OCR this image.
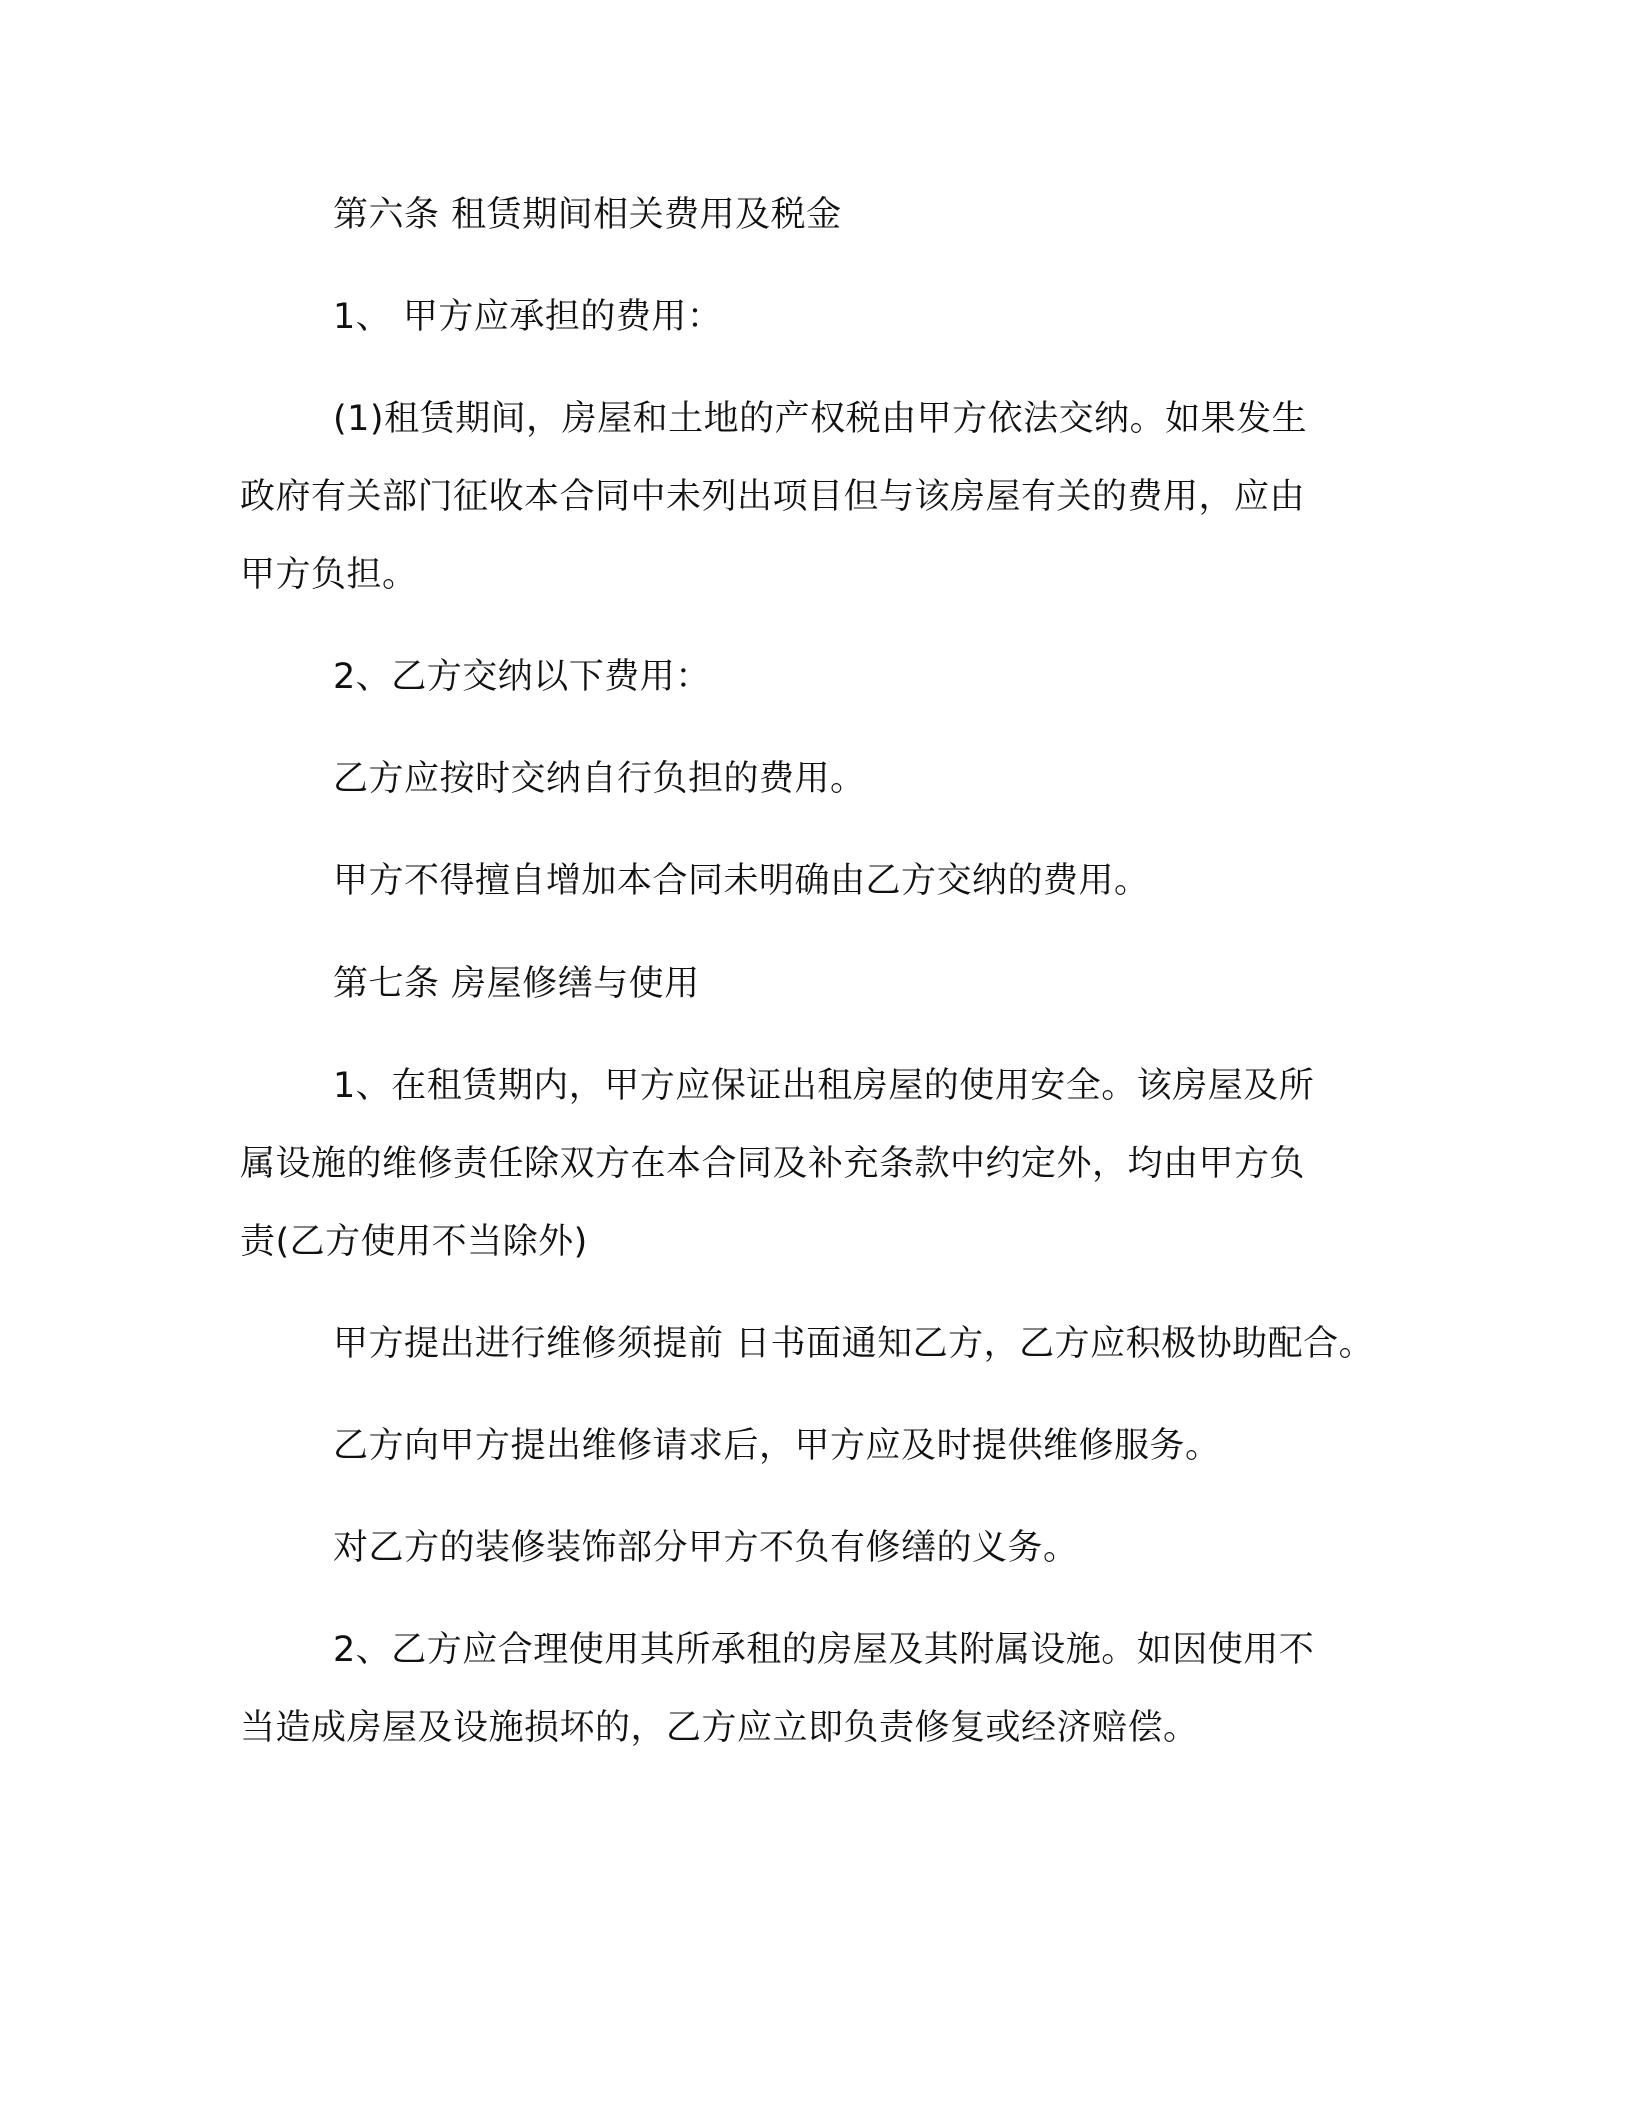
第六条 租赁期间相关费用及税金
1、 甲方应承担的费用：
(1)租赁期间，房屋和土地的产权税由甲方依法交纳。如果发生
政府有关部门征收本合同中未列出项目但与该房屋有关的费用，应由
甲方负担。
2、乙方交纳以下费用：
乙方应按时交纳自行负担的费用。
甲方不得擅自增加本合同未明确由乙方交纳的费用。
第七条 房屋修缮与使用
1、在租赁期内，甲方应保证出租房屋的使用安全。该房屋及所
属设施的维修责任除双方在本合同及补充条款中约定外，均由甲方负
责(乙方使用不当除外)
甲方提出进行维修须提前 日书面通知乙方，乙方应积极协助配合。
乙方向甲方提出维修请求后，甲方应及时提供维修服务。
对乙方的装修装饰部分甲方不负有修缮的义务。
2、乙方应合理使用其所承租的房屋及其附属设施。如因使用不
当造成房屋及设施损坏的，乙方应立即负责修复或经济赔偿。
